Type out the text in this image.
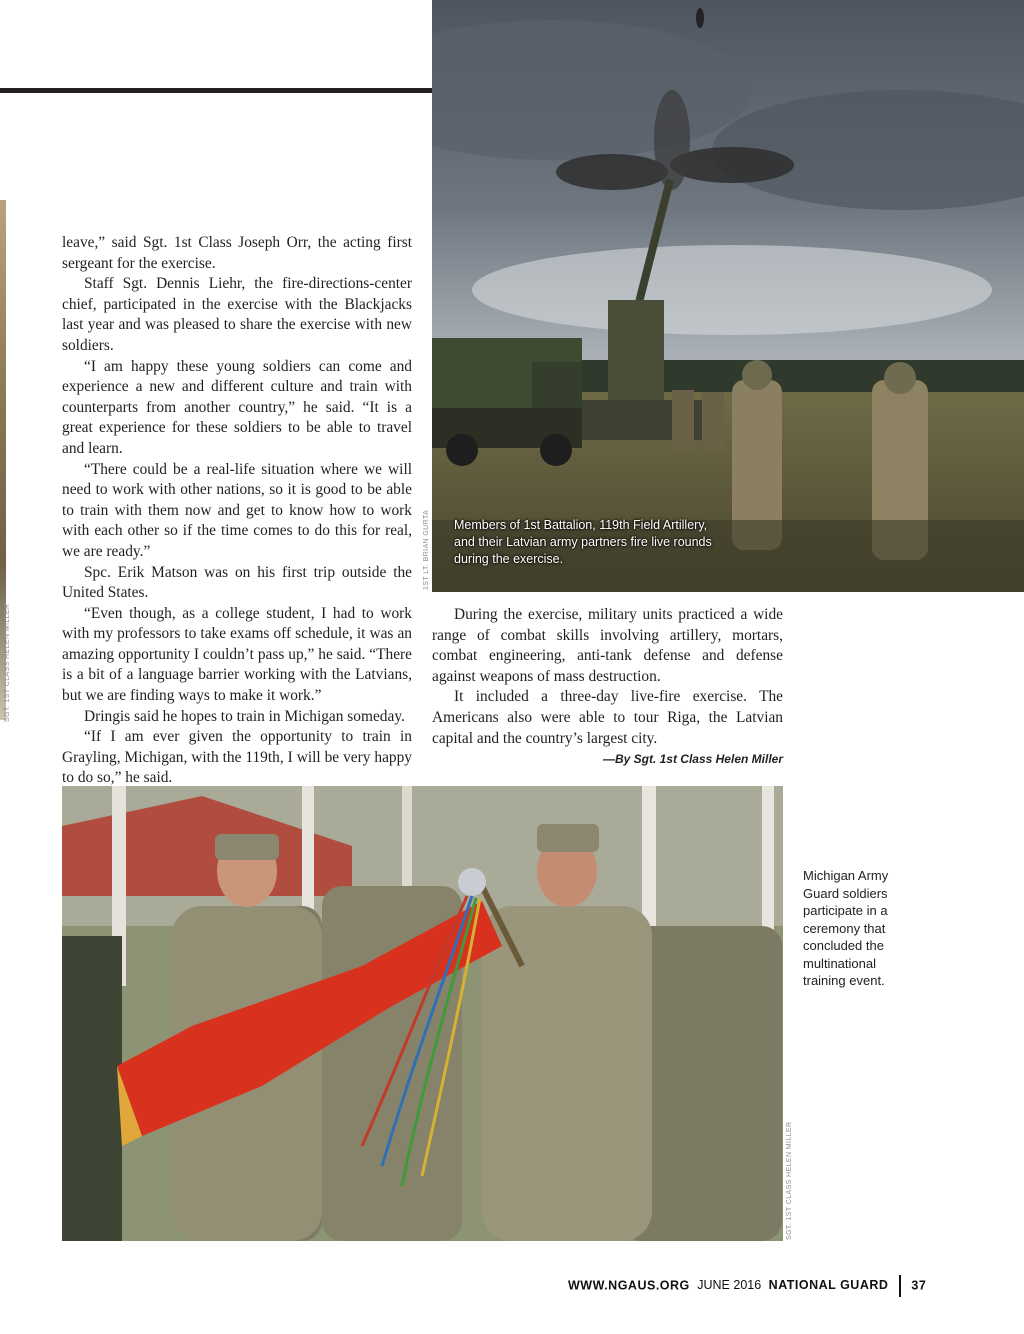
SGT. 1ST CLASS HELEN MILLER
Members of 1st Battalion, 119th Field Artillery, and their Latvian army partners fire live rounds during the exercise.
1ST LT. BRIAN GURTA

leave,” said Sgt. 1st Class Joseph Orr, the acting first sergeant for the exercise.

Staff Sgt. Dennis Liehr, the fire-directions-center chief, participated in the exercise with the Blackjacks last year and was pleased to share the exercise with new soldiers.

“I am happy these young soldiers can come and experience a new and different culture and train with counterparts from another country,” he said. “It is a great experience for these soldiers to be able to travel and learn.

“There could be a real-life situation where we will need to work with other nations, so it is good to be able to train with them now and get to know how to work with each other so if the time comes to do this for real, we are ready.”

Spc. Erik Matson was on his first trip outside the United States.

“Even though, as a college student, I had to work with my professors to take exams off schedule, it was an amazing opportunity I couldn’t pass up,” he said. “There is a bit of a language barrier working with the Latvians, but we are finding ways to make it work.”

Dringis said he hopes to train in Michigan someday.

“If I am ever given the opportunity to train in Grayling, Michigan, with the 119th, I will be very happy to do so,” he said.

During the exercise, military units practiced a wide range of combat skills involving artillery, mortars, combat engineering, anti-tank defense and defense against weapons of mass destruction.

It included a three-day live-fire exercise. The Americans also were able to tour Riga, the Latvian capital and the country’s largest city.

—By Sgt. 1st Class Helen Miller
SGT. 1ST CLASS HELEN MILLER
Michigan Army Guard soldiers participate in a ceremony that concluded the multinational training event.
WWW.NGAUS.ORG JUNE 2016 NATIONAL GUARD 37
